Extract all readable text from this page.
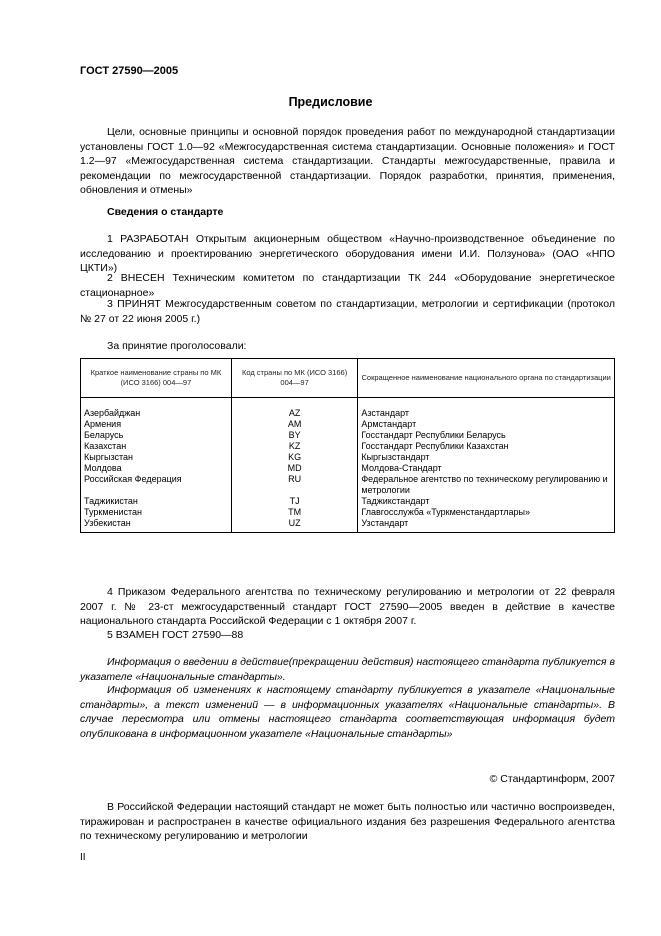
ГОСТ 27590—2005
Предисловие

Цели, основные принципы и основной порядок проведения работ по международной стандартизации установлены ГОСТ 1.0—92 «Межгосударственная система стандартизации. Основные положения» и ГОСТ 1.2—97 «Межгосударственная система стандартизации. Стандарты межгосударственные, правила и рекомендации по межгосударственной стандартизации. Порядок разработки, принятия, применения, обновления и отмены»

Сведения о стандарте

1 РАЗРАБОТАН Открытым акционерным обществом «Научно-производственное объединение по исследованию и проектированию энергетического оборудования имени И.И. Ползунова» (ОАО «НПО ЦКТИ»)

2 ВНЕСЕН Техническим комитетом по стандартизации ТК 244 «Оборудование энергетическое стационарное»

3 ПРИНЯТ Межгосударственным советом по стандартизации, метрологии и сертификации (протокол № 27 от 22 июня 2005 г.)

За принятие проголосовали:
Краткое наименование страны по МК (ИСО 3166) 004—97	Код страны по МК (ИСО 3166) 004—97	Сокращенное наименование национального органа по стандартизации

Азербайджан	AZ	Азстандарт
Армения	AM	Армстандарт
Беларусь	BY	Госстандарт Республики Беларусь
Казахстан	KZ	Госстандарт Республики Казахстан
Кыргызстан	KG	Кыргызстандарт
Молдова	MD	Молдова-Стандарт
Российская Федерация	RU	Федеральное агентство по техническому регулированию и метрологии
Таджикистан	TJ	Таджикстандарт
Туркменистан	TM	Главгосслужба «Туркменстандартлары»
Узбекистан	UZ	Узстандарт

4 Приказом Федерального агентства по техническому регулированию и метрологии от 22 февраля 2007 г. № 23-ст межгосударственный стандарт ГОСТ 27590—2005 введен в действие в качестве национального стандарта Российской Федерации с 1 октября 2007 г.

5 ВЗАМЕН ГОСТ 27590—88

Информация о введении в действие(прекращении действия) настоящего стандарта публикуется в указателе «Национальные стандарты».

Информация об изменениях к настоящему стандарту публикуется в указателе «Национальные стандарты», а текст изменений — в информационных указателях «Национальные стандарты». В случае пересмотра или отмены настоящего стандарта соответствующая информация будет опубликована в информационном указателе «Национальные стандарты»

© Стандартинформ, 2007

В Российской Федерации настоящий стандарт не может быть полностью или частично воспроизведен, тиражирован и распространен в качестве официального издания без разрешения Федерального агентства по техническому регулированию и метрологии

II
